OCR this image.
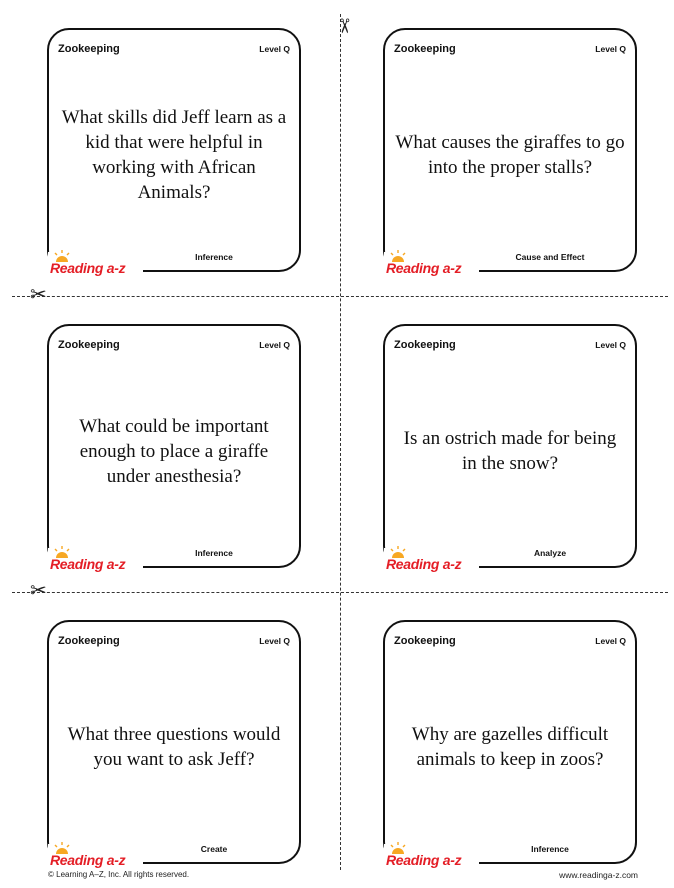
✂
✂
✂
Zookeeping	Level Q
What skills did Jeff learn as a kid that were helpful in working with African Animals?
Inference
Zookeeping	Level Q
What causes the giraffes to go into the proper stalls?
Cause and Effect
Zookeeping	Level Q
What could be important enough to place a giraffe under anesthesia?
Inference
Zookeeping	Level Q
Is an ostrich made for being in the snow?
Analyze
Zookeeping	Level Q
What three questions would you want to ask Jeff?
Create
Zookeeping	Level Q
Why are gazelles difficult animals to keep in zoos?
Inference
Reading a-z	Reading a-z
Reading a-z	Reading a-z
Reading a-z	Reading a-z
© Learning A–Z, Inc. All rights reserved.	www.readinga-z.com
